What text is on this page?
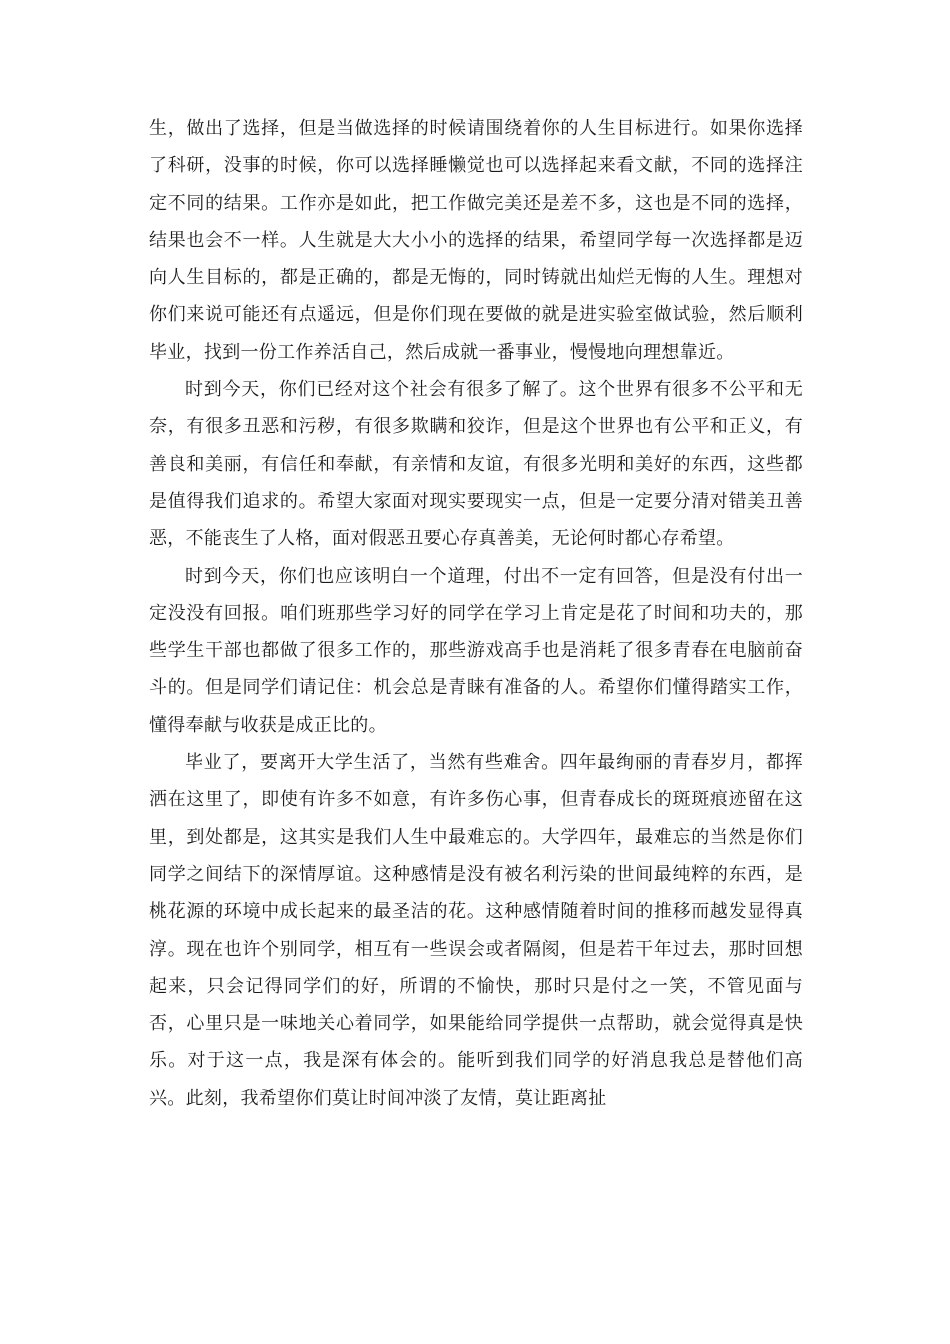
生，做出了选择，但是当做选择的时候请围绕着你的人生目标进行。如果你选择了科研，没事的时候，你可以选择睡懒觉也可以选择起来看文献，不同的选择注定不同的结果。工作亦是如此，把工作做完美还是差不多，这也是不同的选择，结果也会不一样。人生就是大大小小的选择的结果，希望同学每一次选择都是迈向人生目标的，都是正确的，都是无悔的，同时铸就出灿烂无悔的人生。理想对你们来说可能还有点遥远，但是你们现在要做的就是进实验室做试验，然后顺利毕业，找到一份工作养活自己，然后成就一番事业，慢慢地向理想靠近。

时到今天，你们已经对这个社会有很多了解了。这个世界有很多不公平和无奈，有很多丑恶和污秽，有很多欺瞒和狡诈，但是这个世界也有公平和正义，有善良和美丽，有信任和奉献，有亲情和友谊，有很多光明和美好的东西，这些都是值得我们追求的。希望大家面对现实要现实一点，但是一定要分清对错美丑善恶，不能丧生了人格，面对假恶丑要心存真善美，无论何时都心存希望。

时到今天，你们也应该明白一个道理，付出不一定有回答，但是没有付出一定没没有回报。咱们班那些学习好的同学在学习上肯定是花了时间和功夫的，那些学生干部也都做了很多工作的，那些游戏高手也是消耗了很多青春在电脑前奋斗的。但是同学们请记住：机会总是青睐有准备的人。希望你们懂得踏实工作，懂得奉献与收获是成正比的。

毕业了，要离开大学生活了，当然有些难舍。四年最绚丽的青春岁月，都挥洒在这里了，即使有许多不如意，有许多伤心事，但青春成长的斑斑痕迹留在这里，到处都是，这其实是我们人生中最难忘的。大学四年，最难忘的当然是你们同学之间结下的深情厚谊。这种感情是没有被名利污染的世间最纯粹的东西，是桃花源的环境中成长起来的最圣洁的花。这种感情随着时间的推移而越发显得真淳。现在也许个别同学，相互有一些误会或者隔阂，但是若干年过去，那时回想起来，只会记得同学们的好，所谓的不愉快，那时只是付之一笑，不管见面与否，心里只是一味地关心着同学，如果能给同学提供一点帮助，就会觉得真是快乐。对于这一点，我是深有体会的。能听到我们同学的好消息我总是替他们高兴。此刻，我希望你们莫让时间冲淡了友情，莫让距离扯
